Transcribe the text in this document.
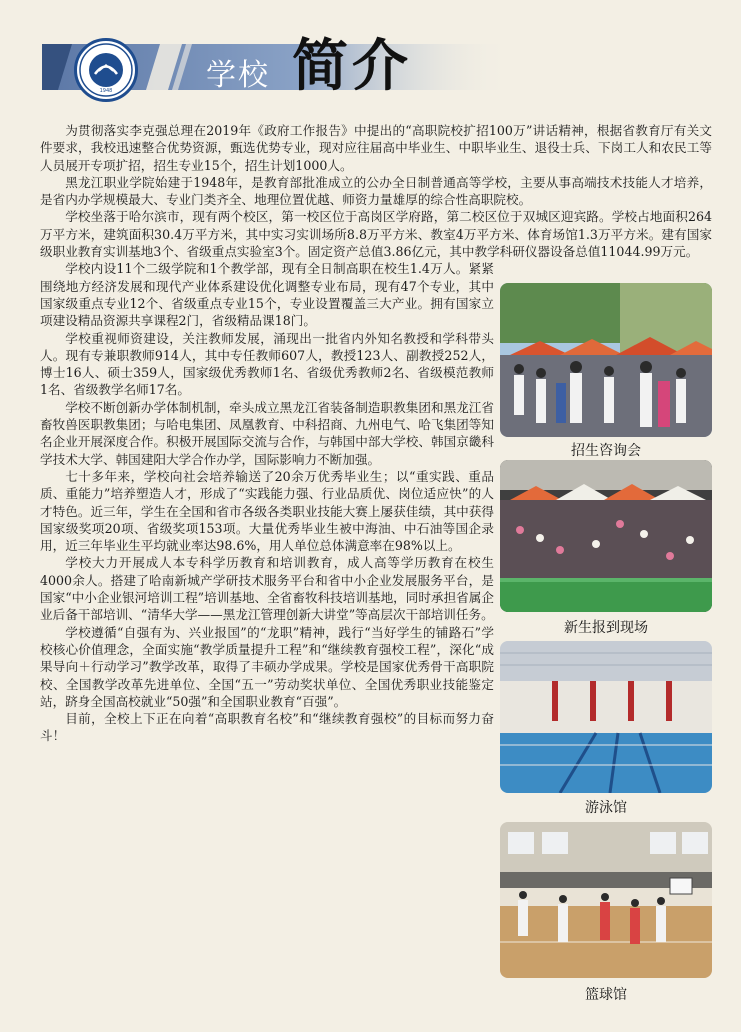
1948	学校 简介

为贯彻落实李克强总理在2019年《政府工作报告》中提出的“高职院校扩招100万”讲话精神，根据省教育厅有关文件要求，我校迅速整合优势资源，甄选优势专业，现对应往届高中毕业生、中职毕业生、退役士兵、下岗工人和农民工等人员展开专项扩招，招生专业15个，招生计划1000人。

黑龙江职业学院始建于1948年，是教育部批准成立的公办全日制普通高等学校，主要从事高端技术技能人才培养，是省内办学规模最大、专业门类齐全、地理位置优越、师资力量雄厚的综合性高职院校。

学校坐落于哈尔滨市，现有两个校区，第一校区位于高岗区学府路，第二校区位于双城区迎宾路。学校占地面积264万平方米，建筑面积30.4万平方米，其中实习实训场所8.8万平方米、教室4万平方米、体育场馆1.3万平方米。建有国家级职业教育实训基地3个、省级重点实验室3个。固定资产总值3.86亿元，其中教学科研仪器设备总值11044.99万元。

学校内设11个二级学院和1个教学部，现有全日制高职在校生1.4万人。紧紧围绕地方经济发展和现代产业体系建设优化调整专业布局，现有47个专业，其中国家级重点专业12个、省级重点专业15个，专业设置覆盖三大产业。拥有国家立项建设精品资源共享课程2门，省级精品课18门。

学校重视师资建设，关注教师发展，涌现出一批省内外知名教授和学科带头人。现有专兼职教师914人，其中专任教师607人，教授123人、副教授252人，博士16人、硕士359人，国家级优秀教师1名、省级优秀教师2名、省级模范教师1名、省级教学名师17名。

学校不断创新办学体制机制，牵头成立黑龙江省装备制造职教集团和黑龙江省畜牧兽医职教集团；与哈电集团、凤凰教育、中科招商、九州电气、哈飞集团等知名企业开展深度合作。积极开展国际交流与合作，与韩国中部大学校、韩国京畿科学技术大学、韩国建阳大学合作办学，国际影响力不断加强。

七十多年来，学校向社会培养输送了20余万优秀毕业生；以“重实践、重品质、重能力”培养塑造人才，形成了“实践能力强、行业品质优、岗位适应快”的人才特色。近三年，学生在全国和省市各级各类职业技能大赛上屡获佳绩，其中获得国家级奖项20项、省级奖项153项。大量优秀毕业生被中海油、中石油等国企录用，近三年毕业生平均就业率达98.6%，用人单位总体满意率在98%以上。

学校大力开展成人本专科学历教育和培训教育，成人高等学历教育在校生4000余人。搭建了哈南新城产学研技术服务平台和省中小企业发展服务平台，是国家“中小企业银河培训工程”培训基地、全省畜牧科技培训基地，同时承担省属企业后备干部培训、“清华大学——黑龙江管理创新大讲堂”等高层次干部培训任务。

学校遵循“自强有为、兴业报国”的“龙职”精神，践行“当好学生的铺路石”学校核心价值理念，全面实施“教学质量提升工程”和“继续教育强校工程”，深化“成果导向＋行动学习”教学改革，取得了丰硕办学成果。学校是国家优秀骨干高职院校、全国教学改革先进单位、全国“五一”劳动奖状单位、全国优秀职业技能鉴定站，跻身全国高校就业“50强”和全国职业教育“百强”。

目前，全校上下正在向着“高职教育名校”和“继续教育强校”的目标而努力奋斗！

招生咨询会
新生报到现场
游泳馆
篮球馆
